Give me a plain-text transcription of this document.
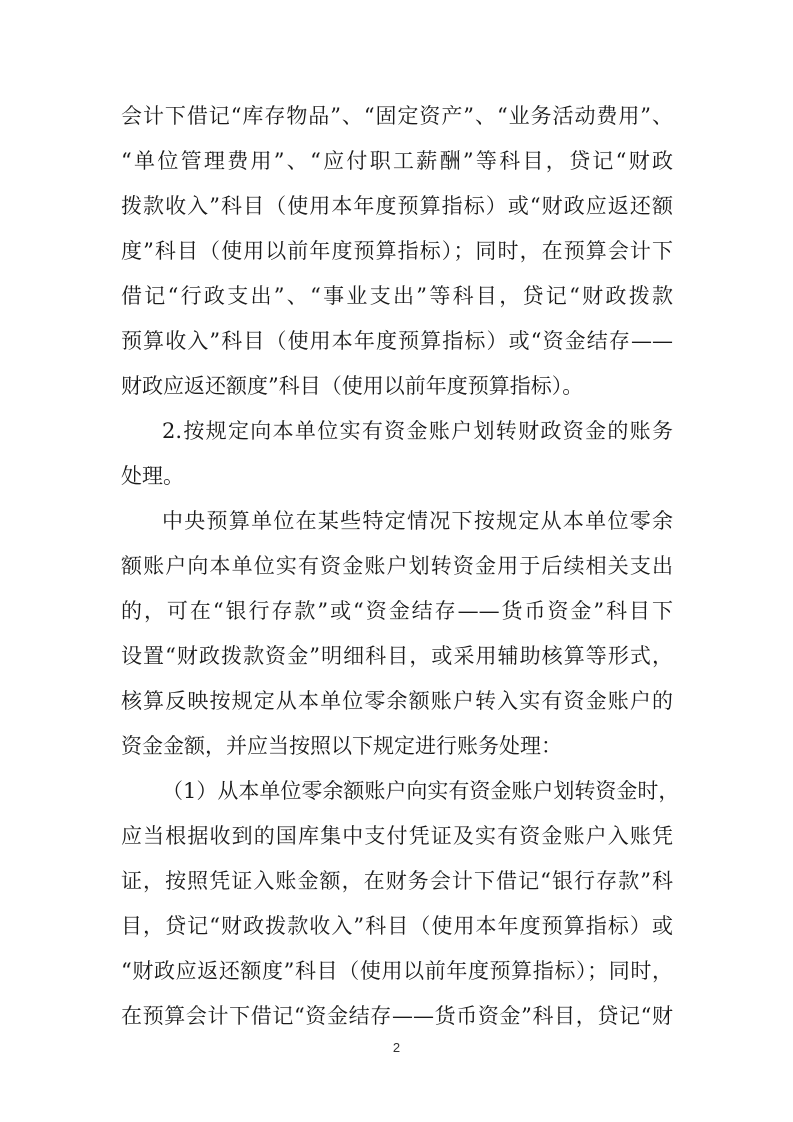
会计下借记“库存物品”、“固定资产”、“业务活动费用”、
“单位管理费用”、“应付职工薪酬”等科目，贷记“财政
拨款收入”科目（使用本年度预算指标）或“财政应返还额
度”科目（使用以前年度预算指标）；同时，在预算会计下
借记“行政支出”、“事业支出”等科目，贷记“财政拨款
预算收入”科目（使用本年度预算指标）或“资金结存——
财政应返还额度”科目（使用以前年度预算指标）。
2.按规定向本单位实有资金账户划转财政资金的账务
处理。
中央预算单位在某些特定情况下按规定从本单位零余
额账户向本单位实有资金账户划转资金用于后续相关支出
的，可在“银行存款”或“资金结存——货币资金”科目下
设置“财政拨款资金”明细科目，或采用辅助核算等形式，
核算反映按规定从本单位零余额账户转入实有资金账户的
资金金额，并应当按照以下规定进行账务处理：
（1）从本单位零余额账户向实有资金账户划转资金时，
应当根据收到的国库集中支付凭证及实有资金账户入账凭
证，按照凭证入账金额，在财务会计下借记“银行存款”科
目，贷记“财政拨款收入”科目（使用本年度预算指标）或
“财政应返还额度”科目（使用以前年度预算指标）；同时，
在预算会计下借记“资金结存——货币资金”科目，贷记“财
2
